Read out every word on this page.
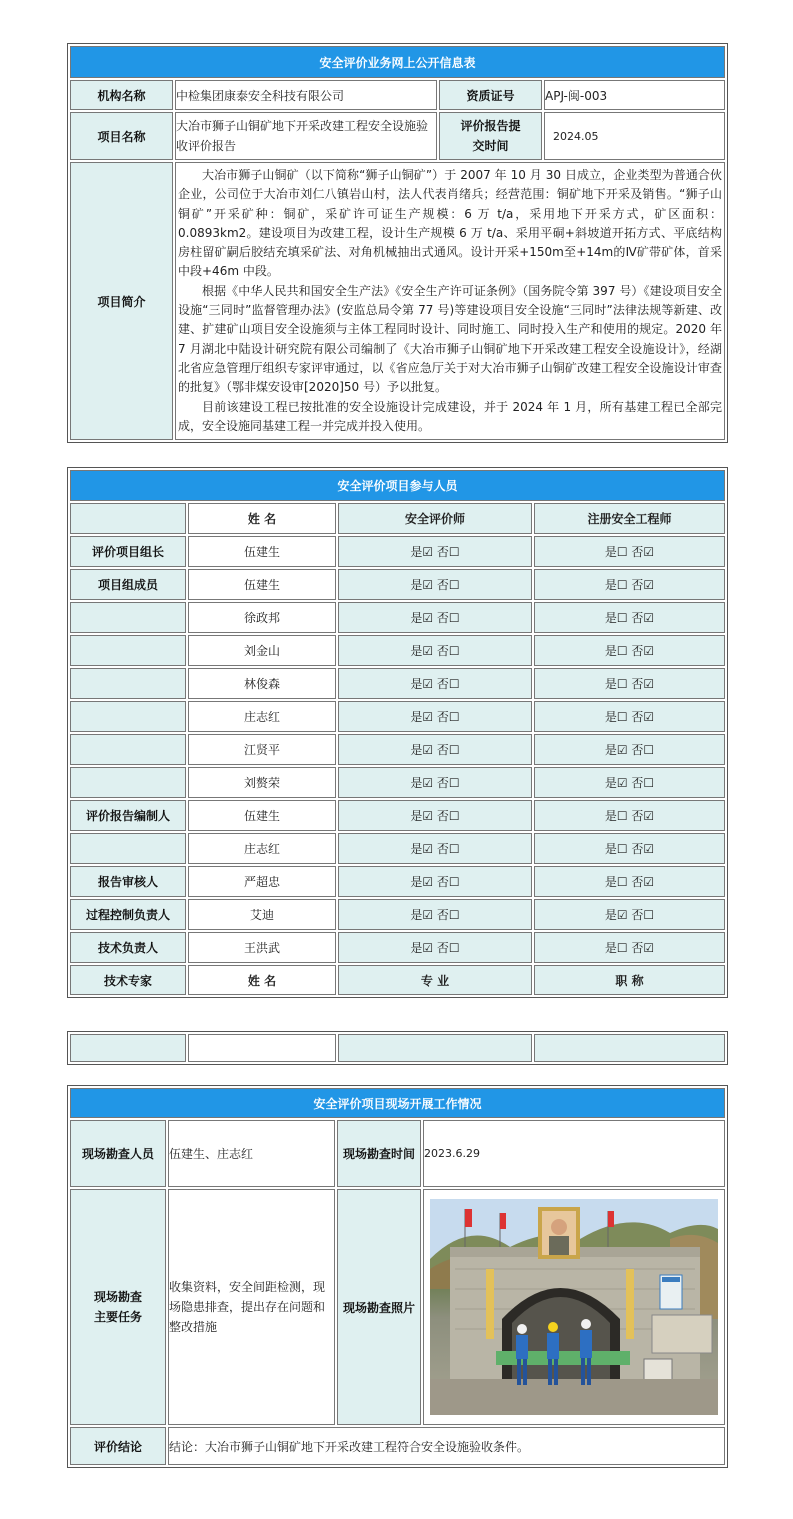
安全评价业务网上公开信息表			
机构名称	中检集团康泰安全科技有限公司	资质证号	APJ-闽-003
项目名称	大冶市狮子山铜矿地下开采改建工程安全设施验收评价报告	评价报告提交时间	2024.05
项目简介	大冶市狮子山铜矿（以下简称“狮子山铜矿”）于 2007 年 10 月 30 日成立，企业类型为普通合伙企业，公司位于大冶市刘仁八镇岩山村，法人代表肖绪兵；经营范围：铜矿地下开采及销售。“狮子山铜矿”开采矿种：铜矿，采矿许可证生产规模：6 万 t/a，采用地下开采方式，矿区面积：0.0893km2。建设项目为改建工程，设计生产规模 6 万 t/a、采用平硐+斜坡道开拓方式、平底结构房柱留矿嗣后胶结充填采矿法、对角机械抽出式通风。设计开采+150m至+14m的Ⅳ矿带矿体，首采中段+46m 中段。

根据《中华人民共和国安全生产法》《安全生产许可证条例》（国务院令第 397 号）《建设项目安全设施“三同时”监督管理办法》(安监总局令第 77 号)等建设项目安全设施“三同时”法律法规等新建、改建、扩建矿山项目安全设施须与主体工程同时设计、同时施工、同时投入生产和使用的规定。2020 年 7 月湖北中陆设计研究院有限公司编制了《大冶市狮子山铜矿地下开采改建工程安全设施设计》，经湖北省应急管理厅组织专家评审通过，以《省应急厅关于对大冶市狮子山铜矿改建工程安全设施设计审查的批复》（鄂非煤安设审[2020]50 号）予以批复。

目前该建设工程已按批准的安全设施设计完成建设，并于 2024 年 1 月，所有基建工程已全部完成，安全设施同基建工程一并完成并投入使用。		

安全评价项目参与人员			
	姓 名	安全评价师	注册安全工程师
评价项目组长	伍建生	是☑ 否☐	是☐ 否☑
项目组成员	伍建生	是☑ 否☐	是☐ 否☑
	徐政邦	是☑ 否☐	是☐ 否☑
	刘金山	是☑ 否☐	是☐ 否☑
	林俊森	是☑ 否☐	是☐ 否☑
	庄志红	是☑ 否☐	是☐ 否☑
	江贤平	是☑ 否☐	是☑ 否☐
	刘赘荣	是☑ 否☐	是☑ 否☐
评价报告编制人	伍建生	是☑ 否☐	是☐ 否☑
	庄志红	是☑ 否☐	是☐ 否☑
报告审核人	严超忠	是☑ 否☐	是☐ 否☑
过程控制负责人	艾迪	是☑ 否☐	是☑ 否☐
技术负责人	王洪武	是☑ 否☐	是☐ 否☑
技术专家	姓 名	专 业	职 称

安全评价项目现场开展工作情况			
现场勘查人员	伍建生、庄志红	现场勘查时间	2023.6.29
现场勘查主要任务	收集资料，安全间距检测，现场隐患排查，提出存在问题和整改措施	现场勘查照片	

评价结论	结论：大冶市狮子山铜矿地下开采改建工程符合安全设施验收条件。		
